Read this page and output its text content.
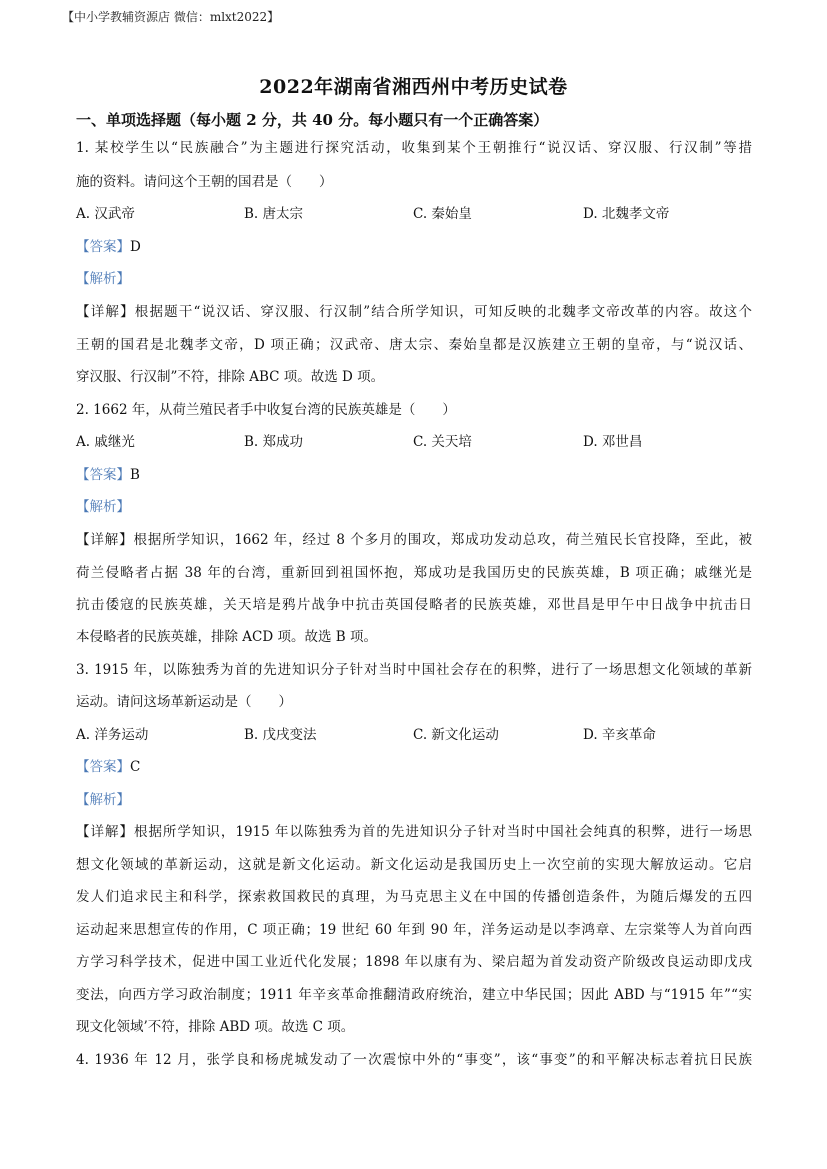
【中小学教辅资源店 微信：mlxt2022】
2022年湖南省湘西州中考历史试卷
一、单项选择题（每小题 2 分，共 40 分。每小题只有一个正确答案）
1. 某校学生以“民族融合”为主题进行探究活动，收集到某个王朝推行“说汉话、穿汉服、行汉制”等措
施的资料。请问这个王朝的国君是（　　）
A. 汉武帝	B. 唐太宗	C. 秦始皇	D. 北魏孝文帝
【答案】D
【解析】
【详解】根据题干“说汉话、穿汉服、行汉制”结合所学知识，可知反映的北魏孝文帝改革的内容。故这个
王朝的国君是北魏孝文帝，D 项正确；汉武帝、唐太宗、秦始皇都是汉族建立王朝的皇帝，与“说汉话、
穿汉服、行汉制”不符，排除 ABC 项。故选 D 项。
2. 1662 年，从荷兰殖民者手中收复台湾的民族英雄是（　　）
A. 戚继光	B. 郑成功	C. 关天培	D. 邓世昌
【答案】B
【解析】
【详解】根据所学知识，1662 年，经过 8 个多月的围攻，郑成功发动总攻，荷兰殖民长官投降，至此，被
荷兰侵略者占据 38 年的台湾，重新回到祖国怀抱，郑成功是我国历史的民族英雄，B 项正确；戚继光是
抗击倭寇的民族英雄，关天培是鸦片战争中抗击英国侵略者的民族英雄，邓世昌是甲午中日战争中抗击日
本侵略者的民族英雄，排除 ACD 项。故选 B 项。
3. 1915 年，以陈独秀为首的先进知识分子针对当时中国社会存在的积弊，进行了一场思想文化领域的革新
运动。请问这场革新运动是（　　）
A. 洋务运动	B. 戊戌变法	C. 新文化运动	D. 辛亥革命
【答案】C
【解析】
【详解】根据所学知识，1915 年以陈独秀为首的先进知识分子针对当时中国社会纯真的积弊，进行一场思
想文化领域的革新运动，这就是新文化运动。新文化运动是我国历史上一次空前的实现大解放运动。它启
发人们追求民主和科学，探索救国救民的真理，为马克思主义在中国的传播创造条件，为随后爆发的五四
运动起来思想宣传的作用，C 项正确；19 世纪 60 年到 90 年，洋务运动是以李鸿章、左宗棠等人为首向西
方学习科学技术，促进中国工业近代化发展；1898 年以康有为、梁启超为首发动资产阶级改良运动即戊戌
变法，向西方学习政治制度；1911 年辛亥革命推翻清政府统治，建立中华民国；因此 ABD 与“1915 年”“实
现文化领域’不符，排除 ABD 项。故选 C 项。
4. 1936 年 12 月，张学良和杨虎城发动了一次震惊中外的“事变”，该“事变”的和平解决标志着抗日民族
